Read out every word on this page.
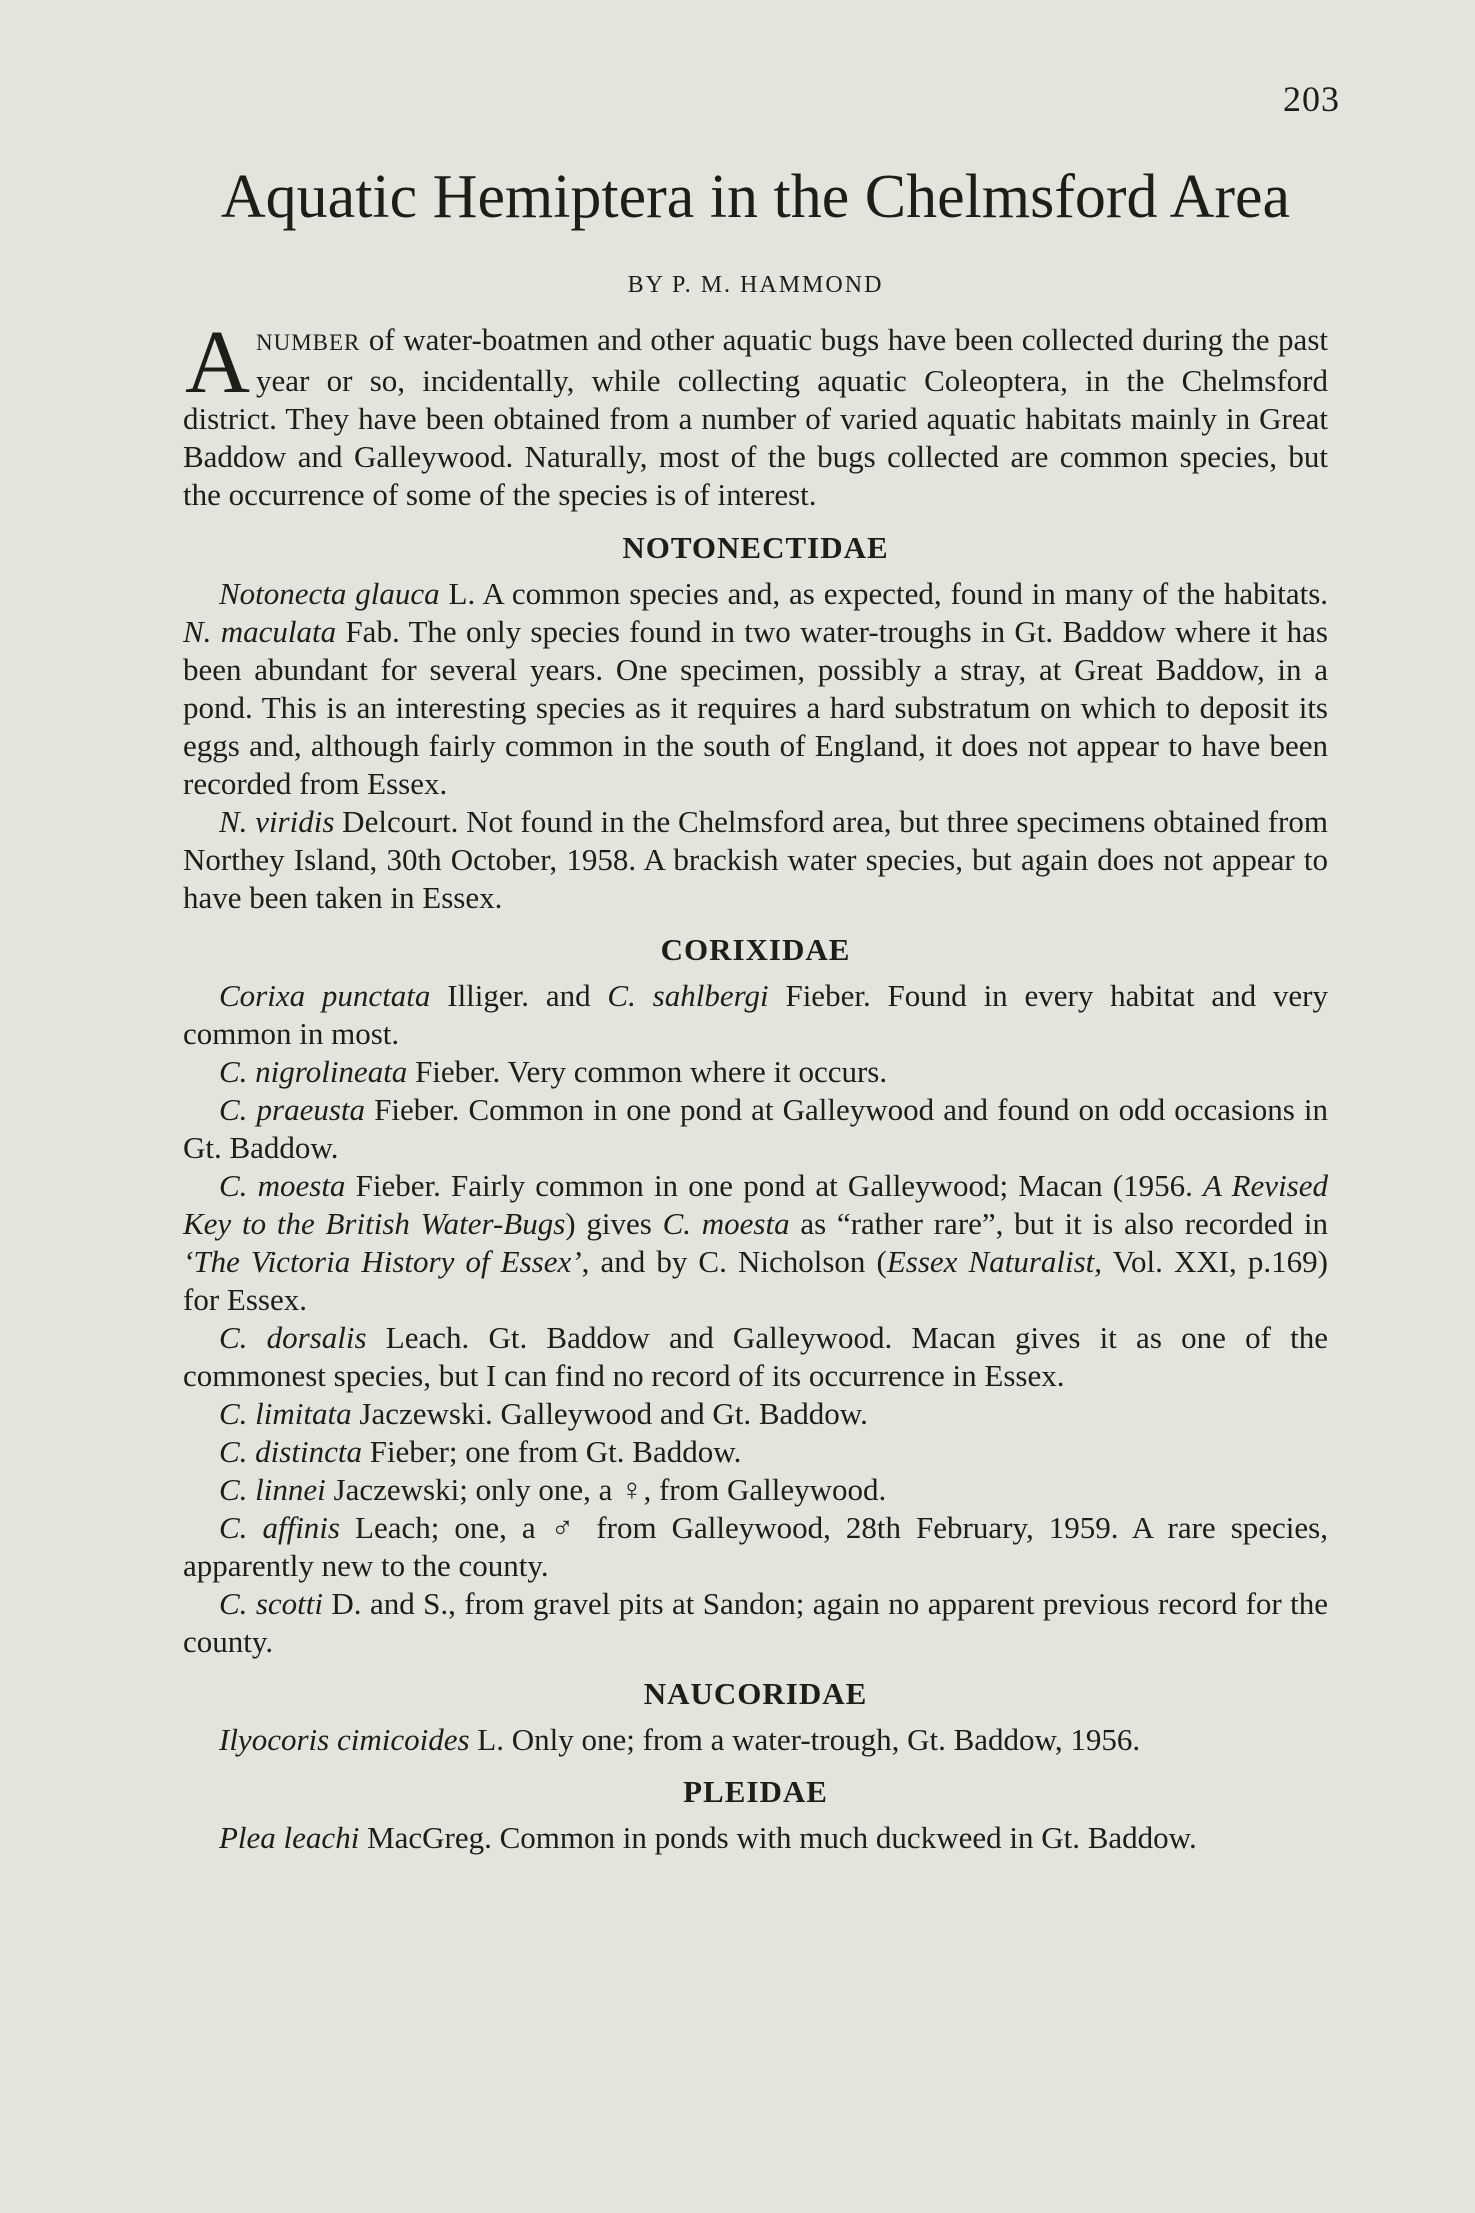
203
Aquatic Hemiptera in the Chelmsford Area
BY P. M. HAMMOND

ANUMBER of water-boatmen and other aquatic bugs have been collected during the past year or so, incidentally, while collecting aquatic Coleoptera, in the Chelmsford district. They have been obtained from a number of varied aquatic habitats mainly in Great Baddow and Galleywood. Naturally, most of the bugs collected are common species, but the occurrence of some of the species is of interest.

NOTONECTIDAE

Notonecta glauca L. A common species and, as expected, found in many of the habitats. N. maculata Fab. The only species found in two water-troughs in Gt. Baddow where it has been abundant for several years. One specimen, possibly a stray, at Great Baddow, in a pond. This is an interesting species as it requires a hard substratum on which to deposit its eggs and, although fairly common in the south of England, it does not appear to have been recorded from Essex.

N. viridis Delcourt. Not found in the Chelmsford area, but three specimens obtained from Northey Island, 30th October, 1958. A brackish water species, but again does not appear to have been taken in Essex.

CORIXIDAE

Corixa punctata Illiger. and C. sahlbergi Fieber. Found in every habitat and very common in most.

C. nigrolineata Fieber. Very common where it occurs.

C. praeusta Fieber. Common in one pond at Galleywood and found on odd occasions in Gt. Baddow.

C. moesta Fieber. Fairly common in one pond at Galleywood; Macan (1956. A Revised Key to the British Water-Bugs) gives C. moesta as “rather rare”, but it is also recorded in ‘The Victoria History of Essex’, and by C. Nicholson (Essex Naturalist, Vol. XXI, p.169) for Essex.

C. dorsalis Leach. Gt. Baddow and Galleywood. Macan gives it as one of the commonest species, but I can find no record of its occurrence in Essex.

C. limitata Jaczewski. Galleywood and Gt. Baddow.

C. distincta Fieber; one from Gt. Baddow.

C. linnei Jaczewski; only one, a ♀, from Galleywood.

C. affinis Leach; one, a ♂ from Galleywood, 28th February, 1959. A rare species, apparently new to the county.

C. scotti D. and S., from gravel pits at Sandon; again no apparent previous record for the county.

NAUCORIDAE

Ilyocoris cimicoides L. Only one; from a water-trough, Gt. Baddow, 1956.

PLEIDAE

Plea leachi MacGreg. Common in ponds with much duckweed in Gt. Baddow.
